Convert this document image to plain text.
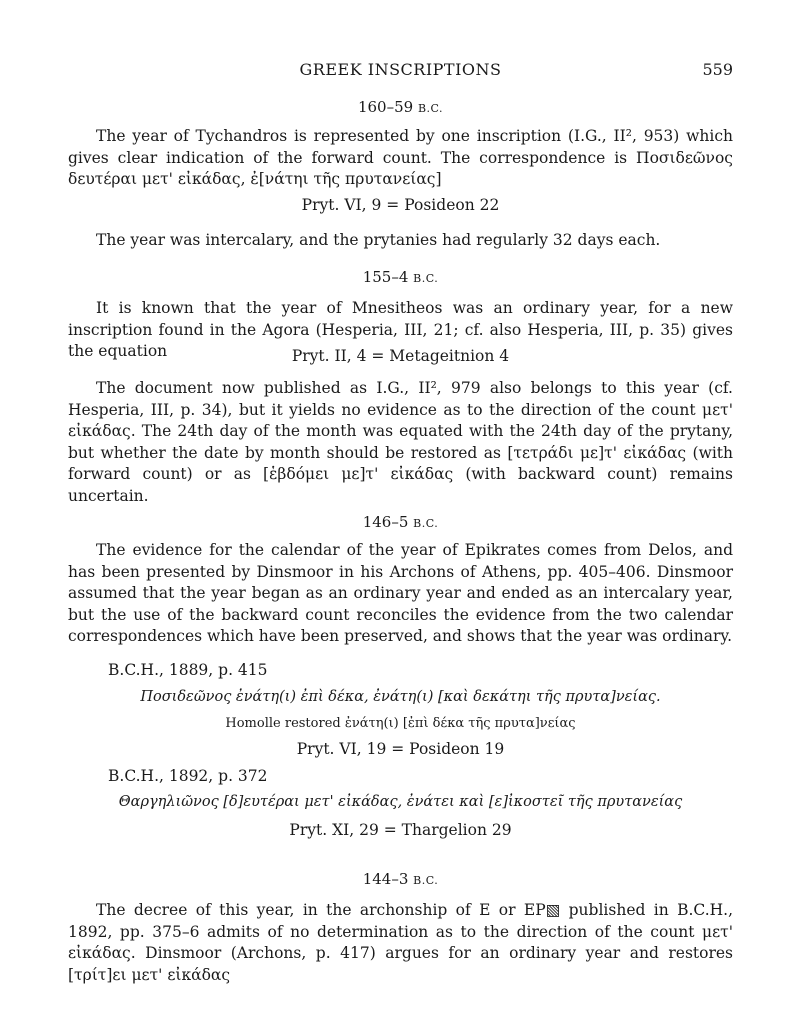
GREEK INSCRIPTIONS	559
160–59 B.C.

The year of Tychandros is represented by one inscription (I.G., II², 953) which gives clear indication of the forward count. The correspondence is Ποσιδεῶνος δευτέραι μετ' εἰκάδας, ἐ[νάτηι τῆς πρυτανείας]

Pryt. VI, 9 = Posideon 22

The year was intercalary, and the prytanies had regularly 32 days each.

155–4 B.C.

It is known that the year of Mnesitheos was an ordinary year, for a new inscription found in the Agora (Hesperia, III, 21; cf. also Hesperia, III, p. 35) gives the equation	Pryt. II, 4 = Metageitnion 4

The document now published as I.G., II², 979 also belongs to this year (cf. Hesperia, III, p. 34), but it yields no evidence as to the direction of the count μετ' εἰκάδας. The 24th day of the month was equated with the 24th day of the prytany, but whether the date by month should be restored as [τετράδι με]τ' εἰκάδας (with forward count) or as [ἑβδόμει με]τ' εἰκάδας (with backward count) remains uncertain.

146–5 B.C.

The evidence for the calendar of the year of Epikrates comes from Delos, and has been presented by Dinsmoor in his Archons of Athens, pp. 405–406. Dinsmoor assumed that the year began as an ordinary year and ended as an intercalary year, but the use of the backward count reconciles the evidence from the two calendar correspondences which have been preserved, and shows that the year was ordinary.

B.C.H., 1889, p. 415
Ποσιδεῶνος ἐνάτη(ι) ἐπὶ δέκα, ἐνάτη(ι) [καὶ δεκάτηι τῆς πρυτα]νείας.
Homolle restored ἐνάτη(ι) [ἐπὶ δέκα τῆς πρυτα]νείας
Pryt. VI, 19 = Posideon 19
B.C.H., 1892, p. 372
Θαργηλιῶνος [δ]ευτέραι μετ' εἰκάδας, ἐνάτει καὶ [ε]ἰκοστεῖ τῆς πρυτανείας
Pryt. XI, 29 = Thargelion 29
144–3 B.C.

The decree of this year, in the archonship of Ε or ΕΡ▧ published in B.C.H., 1892, pp. 375–6 admits of no determination as to the direction of the count μετ' εἰκάδας. Dinsmoor (Archons, p. 417) argues for an ordinary year and restores [τρίτ]ει μετ' εἰκάδας
